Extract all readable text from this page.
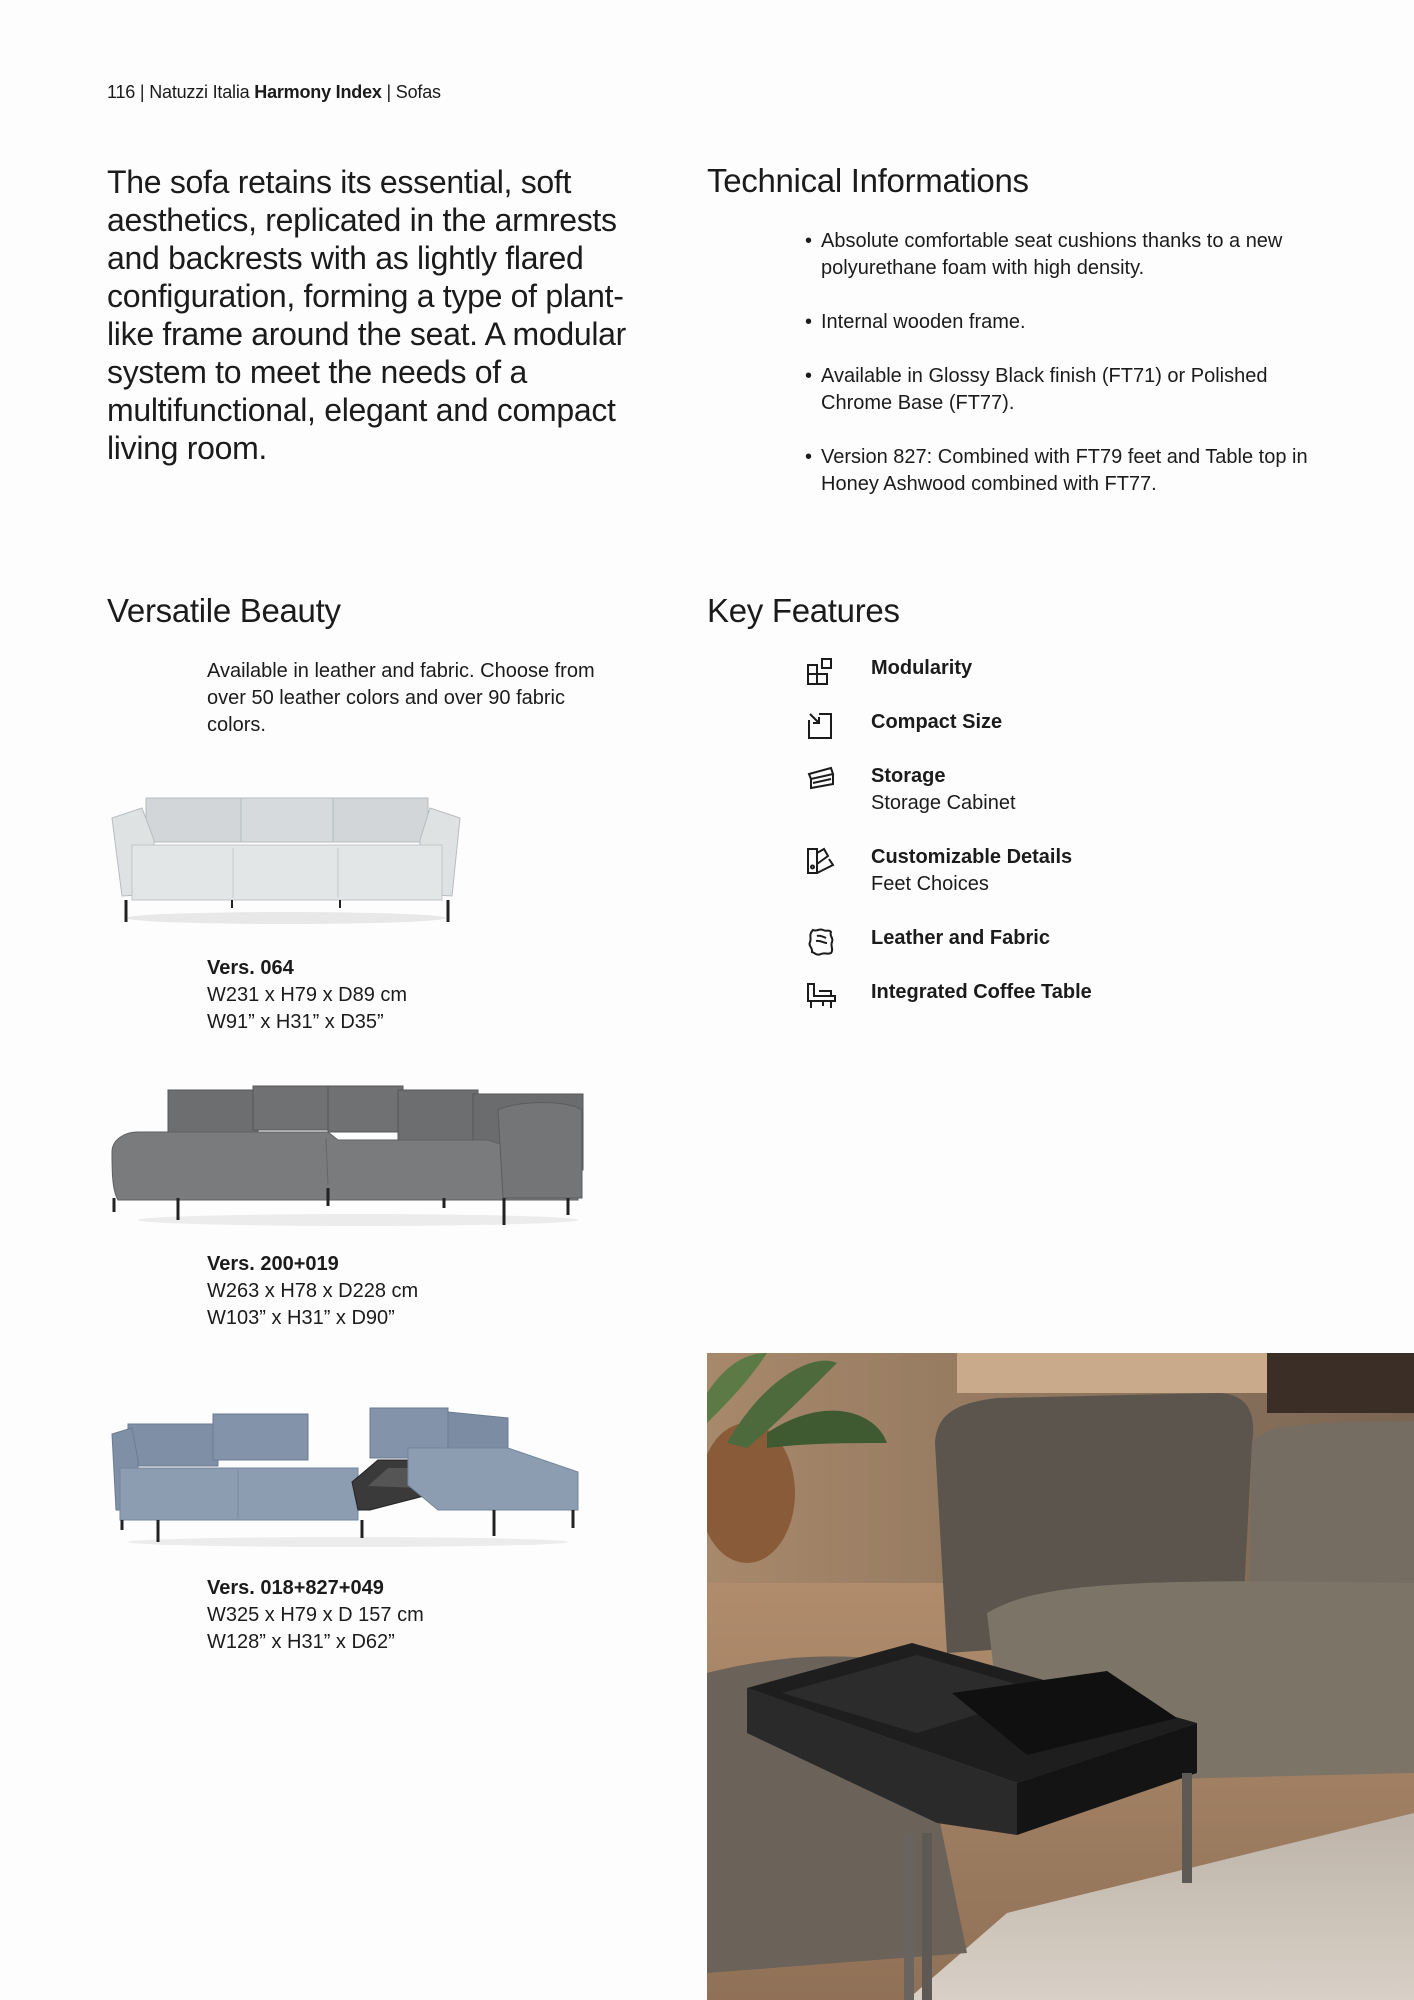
116 | Natuzzi Italia Harmony Index | Sofas

The sofa retains its essential, soft aesthetics, replicated in the armrests and backrests with as lightly flared configuration, forming a type of plant-like frame around the seat. A modular system to meet the needs of a multifunctional, elegant and compact living room.

Technical Informations
• Absolute comfortable seat cushions thanks to a new polyurethane foam with high density.
• Internal wooden frame.
• Available in Glossy Black finish (FT71) or Polished Chrome Base (FT77).
• Version 827: Combined with FT79 feet and Table top in Honey Ashwood combined with FT77.
Versatile Beauty
Available in leather and fabric. Choose from over 50 leather colors and over 90 fabric colors.
Key Features
Modularity
Compact Size
Storage
Storage Cabinet
Customizable Details
Feet Choices
Leather and Fabric
Integrated Coffee Table
Vers. 064
W231 x H79 x D89 cm
W91” x H31” x D35”
Vers. 200+019
W263 x H78 x D228 cm
W103” x H31” x D90”
Vers. 018+827+049
W325 x H79 x D 157 cm
W128” x H31” x D62”
